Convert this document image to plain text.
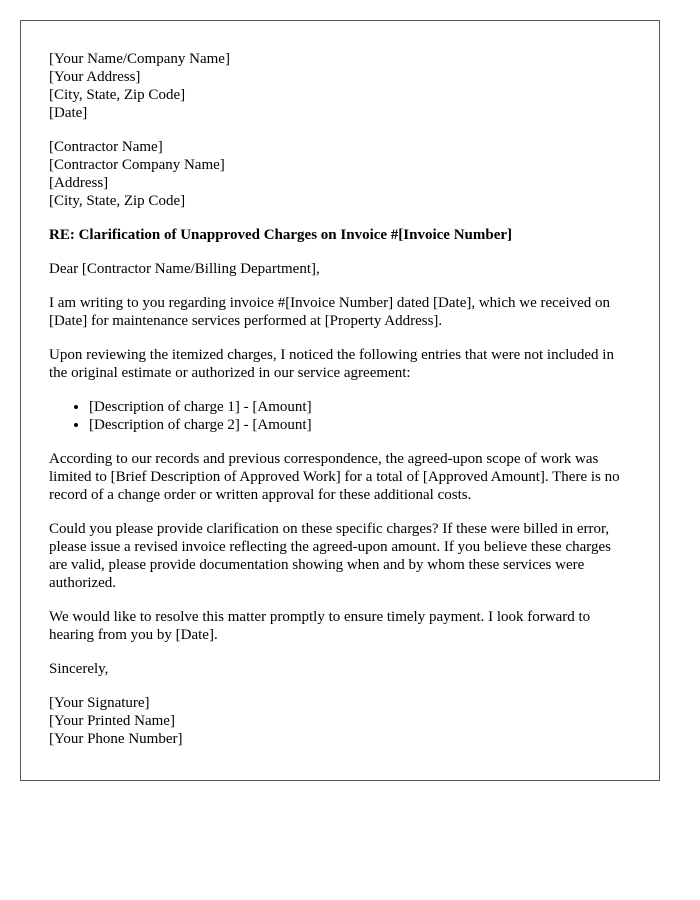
[Your Name/Company Name]
[Your Address]
[City, State, Zip Code]
[Date]
[Contractor Name]
[Contractor Company Name]
[Address]
[City, State, Zip Code]
RE: Clarification of Unapproved Charges on Invoice #[Invoice Number]

Dear [Contractor Name/Billing Department],

I am writing to you regarding invoice #[Invoice Number] dated [Date], which we received on [Date] for maintenance services performed at [Property Address].

Upon reviewing the itemized charges, I noticed the following entries that were not included in the original estimate or authorized in our service agreement:

• [Description of charge 1] - [Amount]
• [Description of charge 2] - [Amount]

According to our records and previous correspondence, the agreed-upon scope of work was limited to [Brief Description of Approved Work] for a total of [Approved Amount]. There is no record of a change order or written approval for these additional costs.

Could you please provide clarification on these specific charges? If these were billed in error, please issue a revised invoice reflecting the agreed-upon amount. If you believe these charges are valid, please provide documentation showing when and by whom these services were authorized.

We would like to resolve this matter promptly to ensure timely payment. I look forward to hearing from you by [Date].

Sincerely,

[Your Signature]
[Your Printed Name]
[Your Phone Number]
